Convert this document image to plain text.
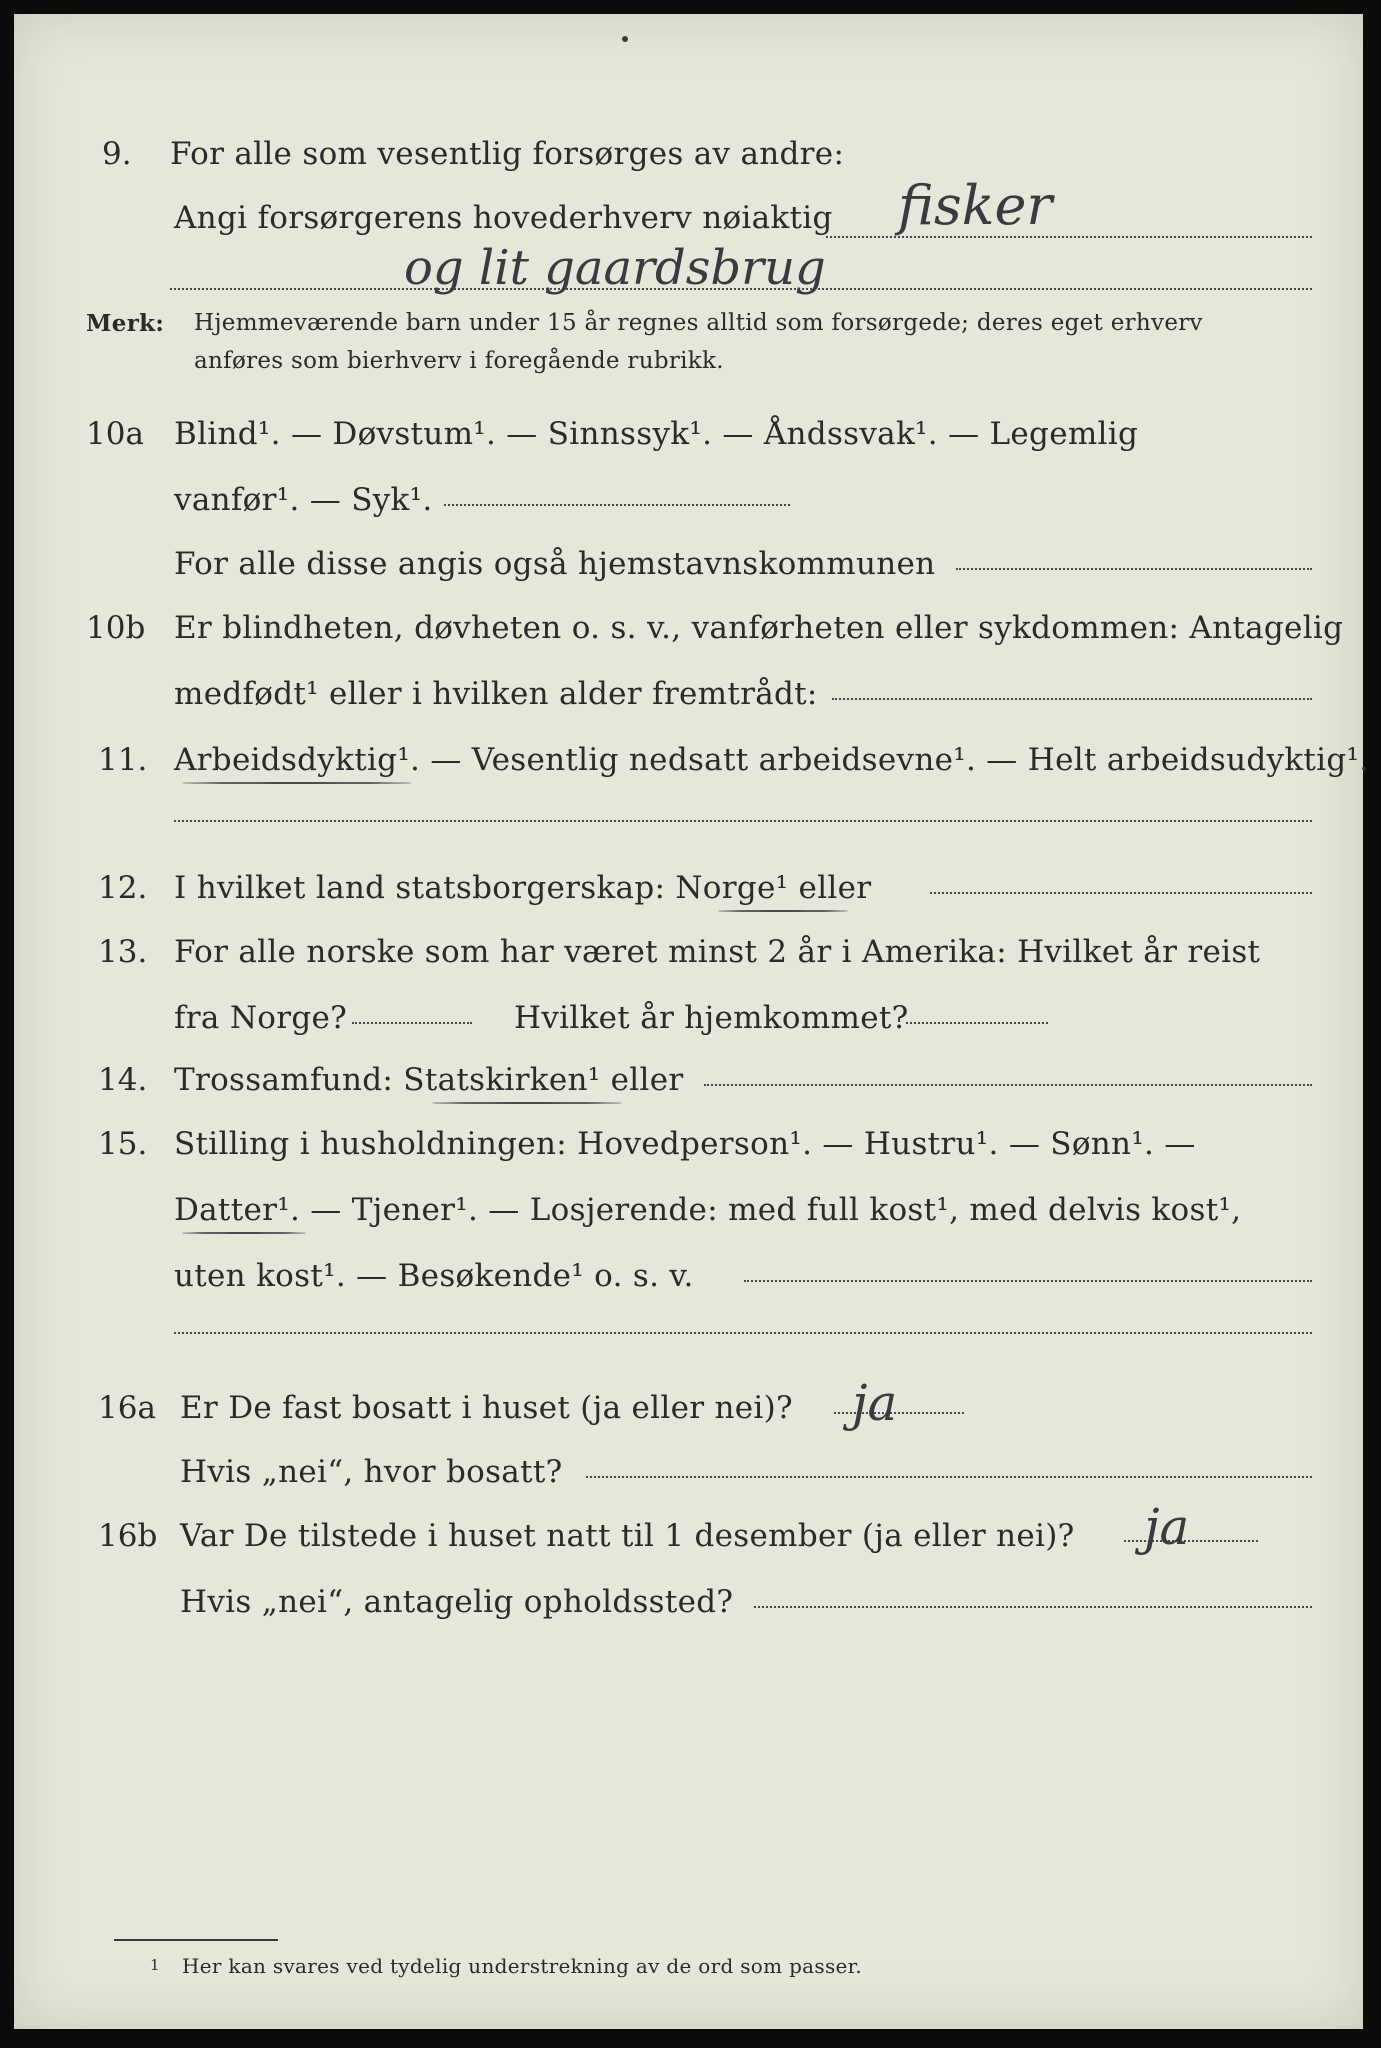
9. For alle som vesentlig forsørges av andre:
Angi forsørgerens hovederhverv nøiaktig fisker
og lit gaardsbrug
Merk: Hjemmeværende barn under 15 år regnes alltid som forsørgede; deres eget erhverv
anføres som bierhverv i foregående rubrikk.
10a Blind¹. — Døvstum¹. — Sinnssyk¹. — Åndssvak¹. — Legemlig
vanfør¹. — Syk¹.
For alle disse angis også hjemstavnskommunen
10b Er blindheten, døvheten o. s. v., vanførheten eller sykdommen: Antagelig
medfødt¹ eller i hvilken alder fremtrådt:
11. Arbeidsdyktig¹. — Vesentlig nedsatt arbeidsevne¹. — Helt arbeidsudyktig¹.
12. I hvilket land statsborgerskap: Norge¹ eller
13. For alle norske som har været minst 2 år i Amerika: Hvilket år reist
fra Norge?	Hvilket år hjemkommet?
14. Trossamfund: Statskirken¹ eller
15. Stilling i husholdningen: Hovedperson¹. — Hustru¹. — Sønn¹. —
Datter¹. — Tjener¹. — Losjerende: med full kost¹, med delvis kost¹,
uten kost¹. — Besøkende¹ o. s. v.
16a Er De fast bosatt i huset (ja eller nei)? ja
Hvis „nei“, hvor bosatt?
16b Var De tilstede i huset natt til 1 desember (ja eller nei)? ja
Hvis „nei“, antagelig opholdssted?
1 Her kan svares ved tydelig understrekning av de ord som passer.
